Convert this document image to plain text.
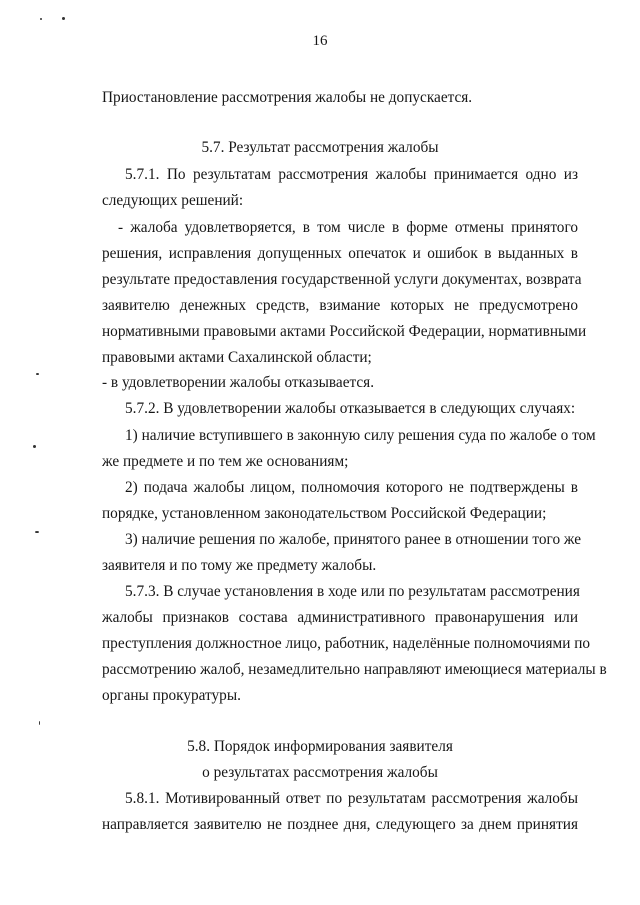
16
Приостановление рассмотрения жалобы не допускается.
5.7. Результат рассмотрения жалобы
5.7.1. По результатам рассмотрения жалобы принимается одно из
следующих решений:
- жалоба удовлетворяется, в том числе в форме отмены принятого
решения, исправления допущенных опечаток и ошибок в выданных в
результате предоставления государственной услуги документах, возврата
заявителю денежных средств, взимание которых не предусмотрено
нормативными правовыми актами Российской Федерации, нормативными
правовыми актами Сахалинской области;
- в удовлетворении жалобы отказывается.
5.7.2. В удовлетворении жалобы отказывается в следующих случаях:
1) наличие вступившего в законную силу решения суда по жалобе о том
же предмете и по тем же основаниям;
2) подача жалобы лицом, полномочия которого не подтверждены в
порядке, установленном законодательством Российской Федерации;
3) наличие решения по жалобе, принятого ранее в отношении того же
заявителя и по тому же предмету жалобы.
5.7.3. В случае установления в ходе или по результатам рассмотрения
жалобы признаков состава административного правонарушения или
преступления должностное лицо, работник, наделённые полномочиями по
рассмотрению жалоб, незамедлительно направляют имеющиеся материалы в
органы прокуратуры.
5.8. Порядок информирования заявителя
о результатах рассмотрения жалобы
5.8.1. Мотивированный ответ по результатам рассмотрения жалобы
направляется заявителю не позднее дня, следующего за днем принятия
